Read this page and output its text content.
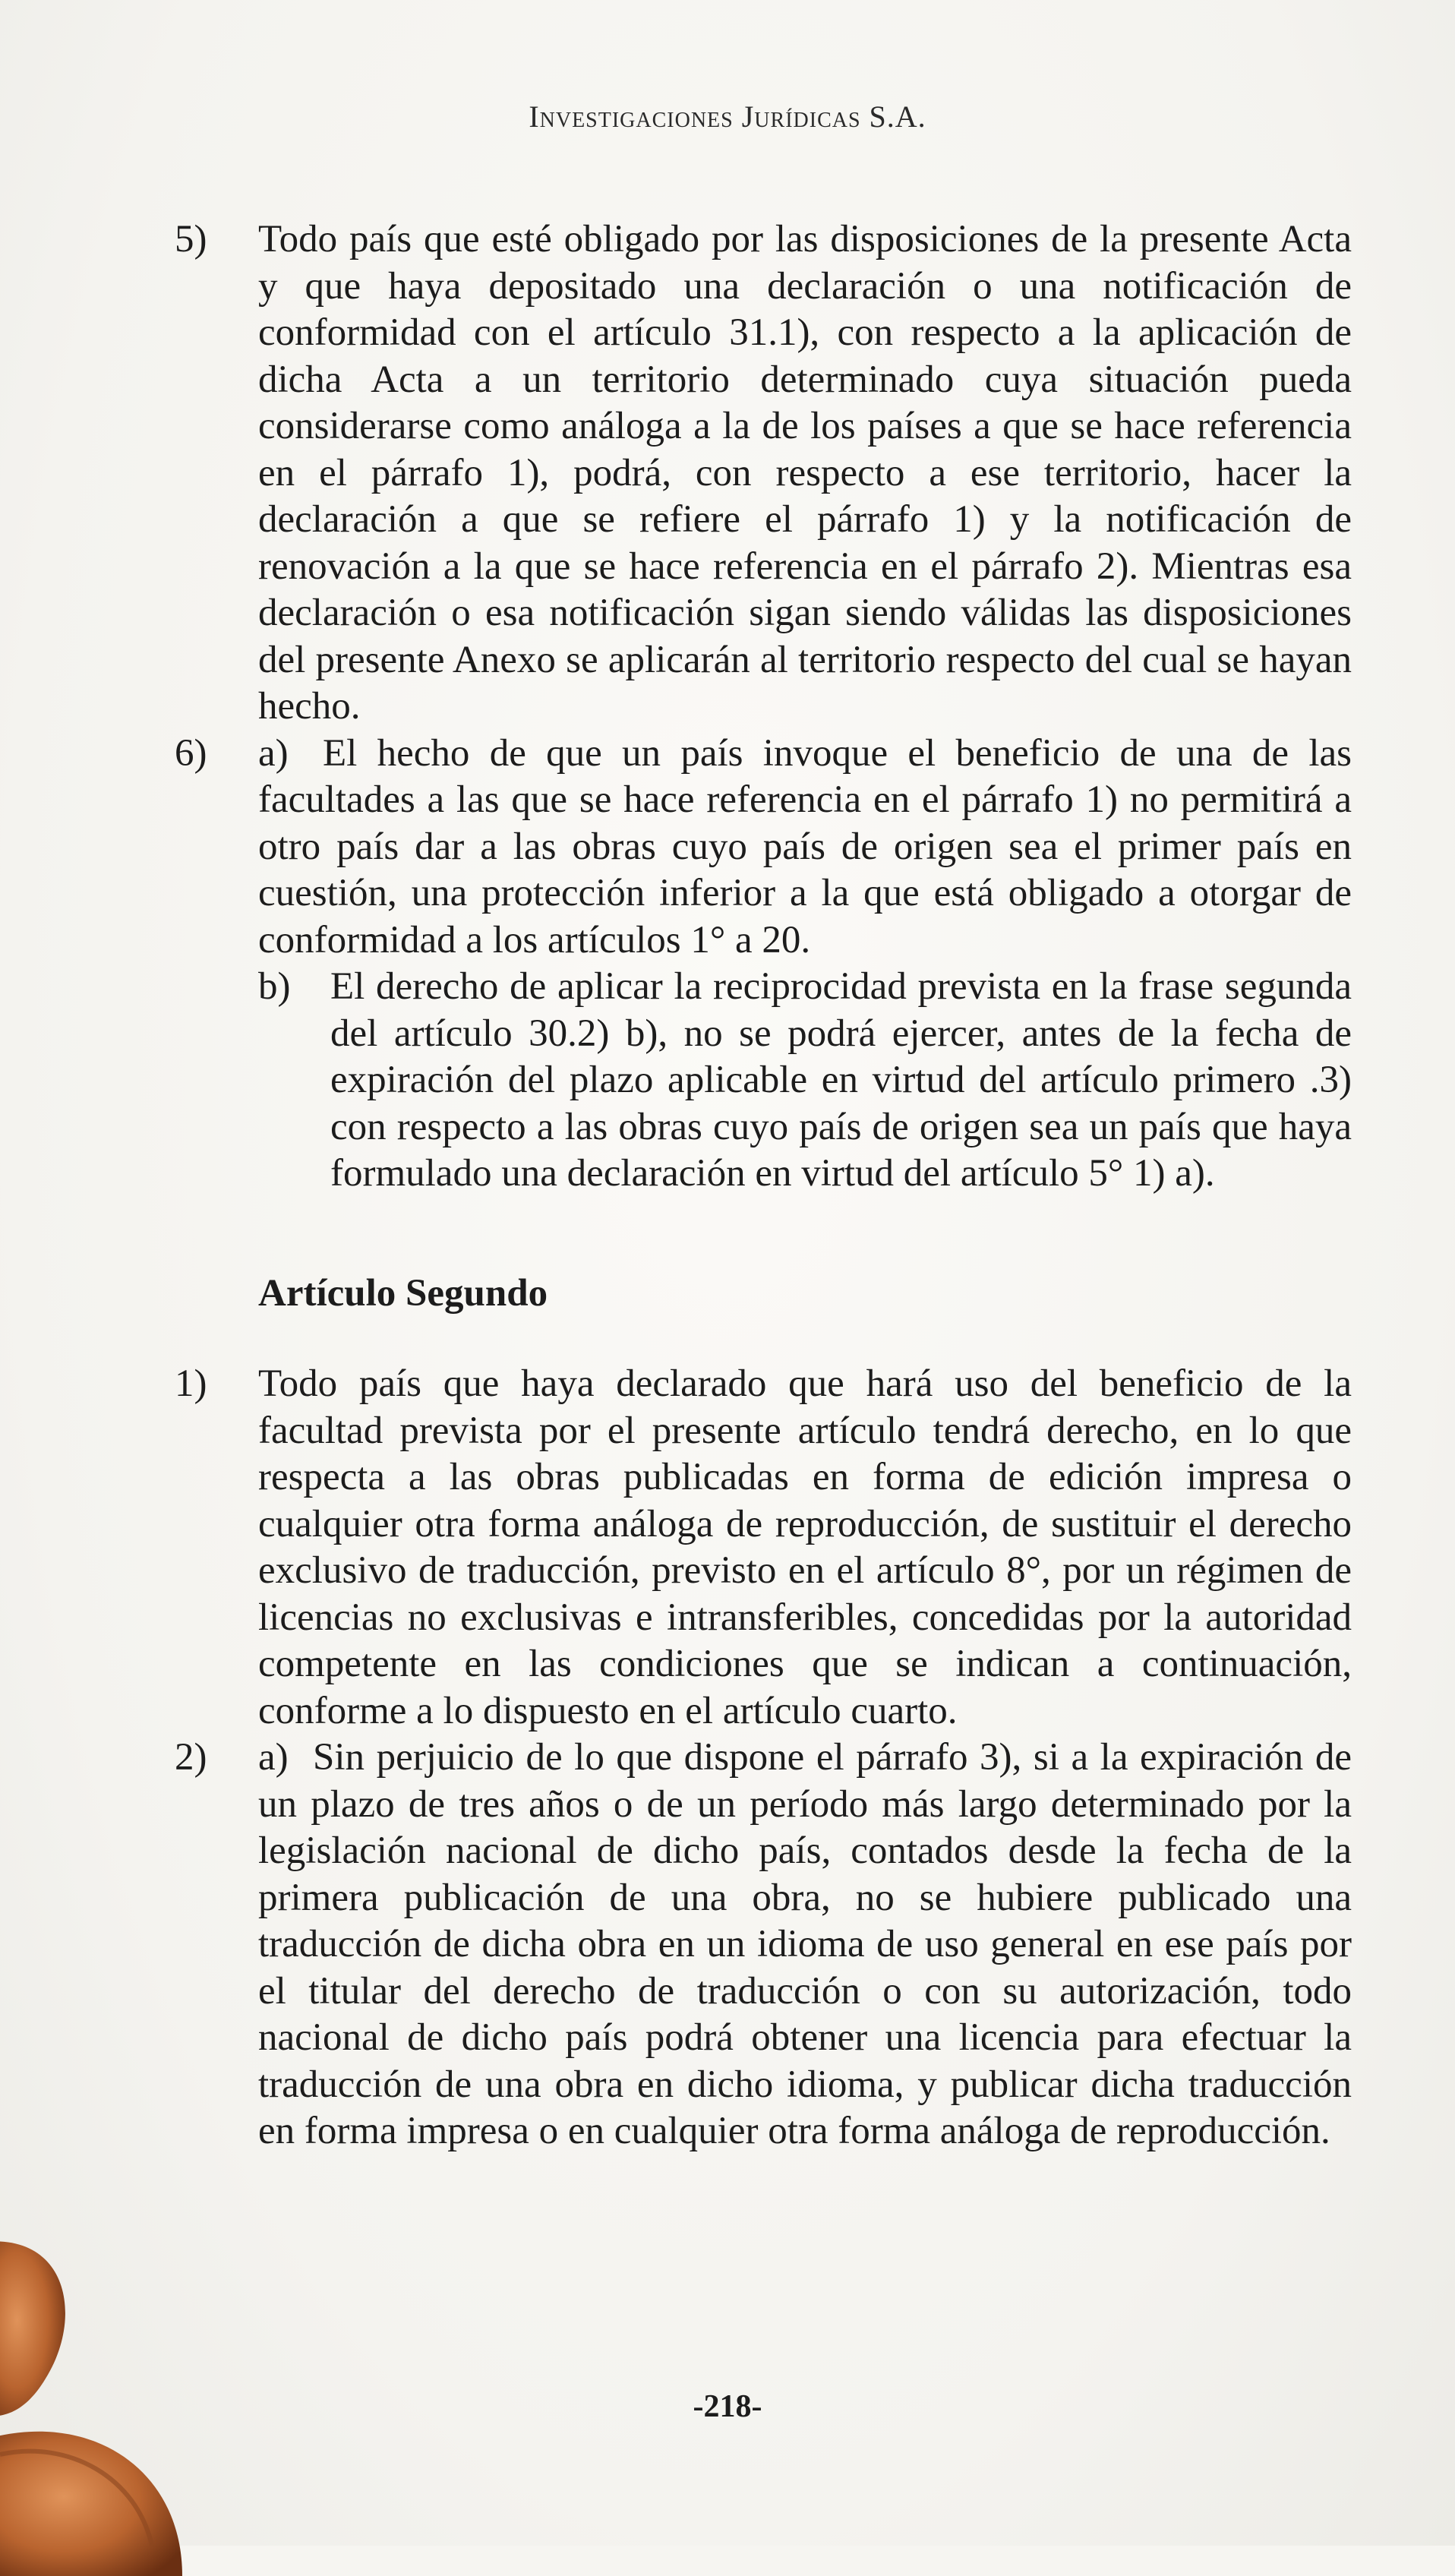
Investigaciones Jurídicas S.A.
5) Todo país que esté obligado por las disposiciones de la presente Acta y que haya depositado una declaración o una notificación de conformidad con el artículo 31.1), con respecto a la aplicación de dicha Acta a un territorio determinado cuya situación pueda considerarse como análoga a la de los países a que se hace referencia en el párrafo 1), podrá, con respecto a ese territorio, hacer la declaración a que se refiere el párrafo 1) y la notificación de renovación a la que se hace referencia en el párrafo 2). Mientras esa declaración o esa notificación sigan siendo válidas las disposiciones del presente Anexo se aplicarán al territorio respecto del cual se hayan hecho.
6) a) El hecho de que un país invoque el beneficio de una de las facultades a las que se hace referencia en el párrafo 1) no permitirá a otro país dar a las obras cuyo país de origen sea el primer país en cuestión, una protección inferior a la que está obligado a otorgar de conformidad a los artículos 1° a 20.
b) El derecho de aplicar la reciprocidad prevista en la frase segunda del artículo 30.2) b), no se podrá ejercer, antes de la fecha de expiración del plazo aplicable en virtud del artículo primero .3) con respecto a las obras cuyo país de origen sea un país que haya formulado una declaración en virtud del artículo 5° 1) a).
Artículo Segundo
1) Todo país que haya declarado que hará uso del beneficio de la facultad prevista por el presente artículo tendrá derecho, en lo que respecta a las obras publicadas en forma de edición impresa o cualquier otra forma análoga de reproducción, de sustituir el derecho exclusivo de traducción, previsto en el artículo 8°, por un régimen de licencias no exclusivas e intransferibles, concedidas por la autoridad competente en las condiciones que se indican a continuación, conforme a lo dispuesto en el artículo cuarto.
2) a) Sin perjuicio de lo que dispone el párrafo 3), si a la expiración de un plazo de tres años o de un período más largo determinado por la legislación nacional de dicho país, contados desde la fecha de la primera publicación de una obra, no se hubiere publicado una traducción de dicha obra en un idioma de uso general en ese país por el titular del derecho de traducción o con su autorización, todo nacional de dicho país podrá obtener una licencia para efectuar la traducción de una obra en dicho idioma, y publicar dicha traducción en forma impresa o en cualquier otra forma análoga de reproducción.
-218-
